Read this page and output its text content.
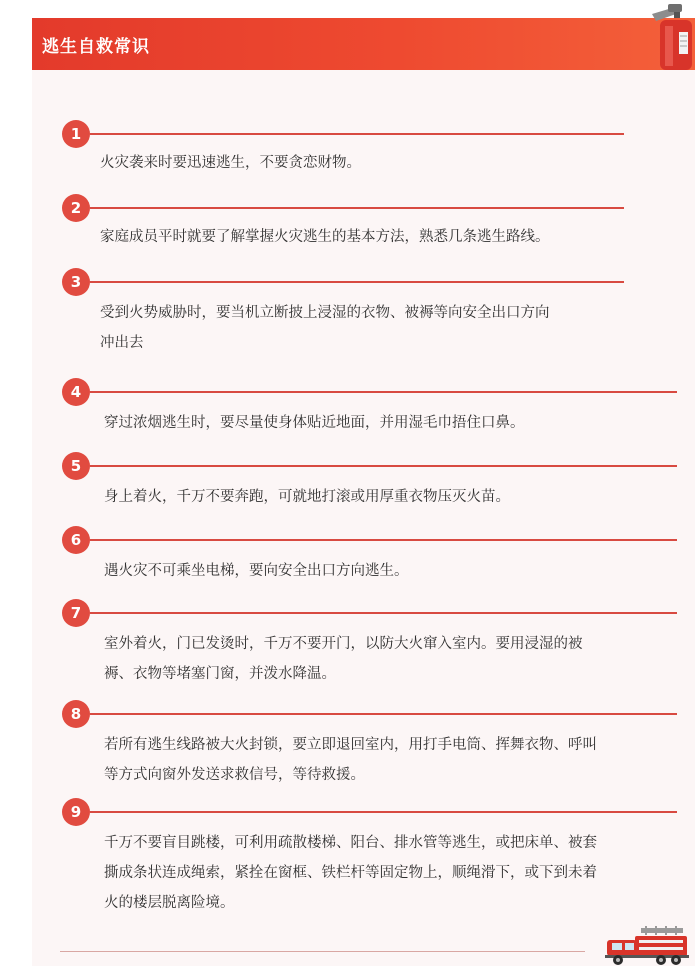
逃生自救常识
1
火灾袭来时要迅速逃生，不要贪恋财物。
2
家庭成员平时就要了解掌握火灾逃生的基本方法，熟悉几条逃生路线。
3
受到火势威胁时，要当机立断披上浸湿的衣物、被褥等向安全出口方向
冲出去
4
穿过浓烟逃生时，要尽量使身体贴近地面，并用湿毛巾捂住口鼻。
5
身上着火，千万不要奔跑，可就地打滚或用厚重衣物压灭火苗。
6
遇火灾不可乘坐电梯，要向安全出口方向逃生。
7
室外着火，门已发烫时，千万不要开门，以防大火窜入室内。要用浸湿的被
褥、衣物等堵塞门窗，并泼水降温。
8
若所有逃生线路被大火封锁，要立即退回室内，用打手电筒、挥舞衣物、呼叫
等方式向窗外发送求救信号，等待救援。
9
千万不要盲目跳楼，可利用疏散楼梯、阳台、排水管等逃生，或把床单、被套
撕成条状连成绳索，紧拴在窗框、铁栏杆等固定物上，顺绳滑下，或下到未着
火的楼层脱离险境。
